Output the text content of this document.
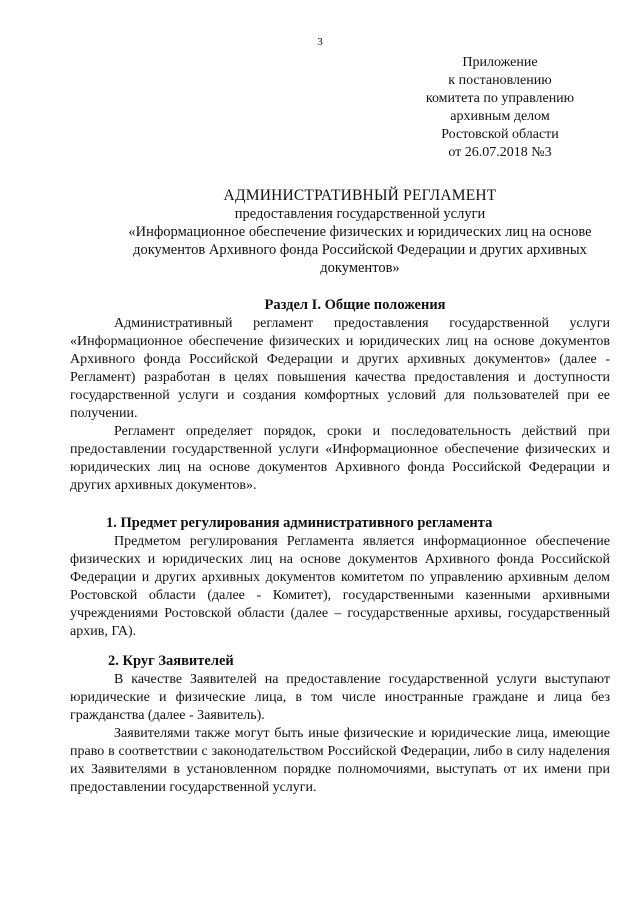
3
Приложение
к постановлению
комитета по управлению
архивным делом
Ростовской области
от 26.07.2018 №3
АДМИНИСТРАТИВНЫЙ РЕГЛАМЕНТ
предоставления государственной услуги
«Информационное обеспечение физических и юридических лиц на основе
документов Архивного фонда Российской Федерации и других архивных
документов»
Раздел I. Общие положения

Административный регламент предоставления государственной услуги «Информационное обеспечение физических и юридических лиц на основе документов Архивного фонда Российской Федерации и других архивных документов» (далее - Регламент) разработан в целях повышения качества предоставления и доступности государственной услуги и создания комфортных условий для пользователей при ее получении.

Регламент определяет порядок, сроки и последовательность действий при предоставлении государственной услуги «Информационное обеспечение физических и юридических лиц на основе документов Архивного фонда Российской Федерации и других архивных документов».

1. Предмет регулирования административного регламента

Предметом регулирования Регламента является информационное обеспечение физических и юридических лиц на основе документов Архивного фонда Российской Федерации и других архивных документов комитетом по управлению архивным делом Ростовской области (далее - Комитет), государственными казенными архивными учреждениями Ростовской области (далее – государственные архивы, государственный архив, ГА).

2. Круг Заявителей

В качестве Заявителей на предоставление государственной услуги выступают юридические и физические лица, в том числе иностранные граждане и лица без гражданства (далее - Заявитель).

Заявителями также могут быть иные физические и юридические лица, имеющие право в соответствии с законодательством Российской Федерации, либо в силу наделения их Заявителями в установленном порядке полномочиями, выступать от их имени при предоставлении государственной услуги.
